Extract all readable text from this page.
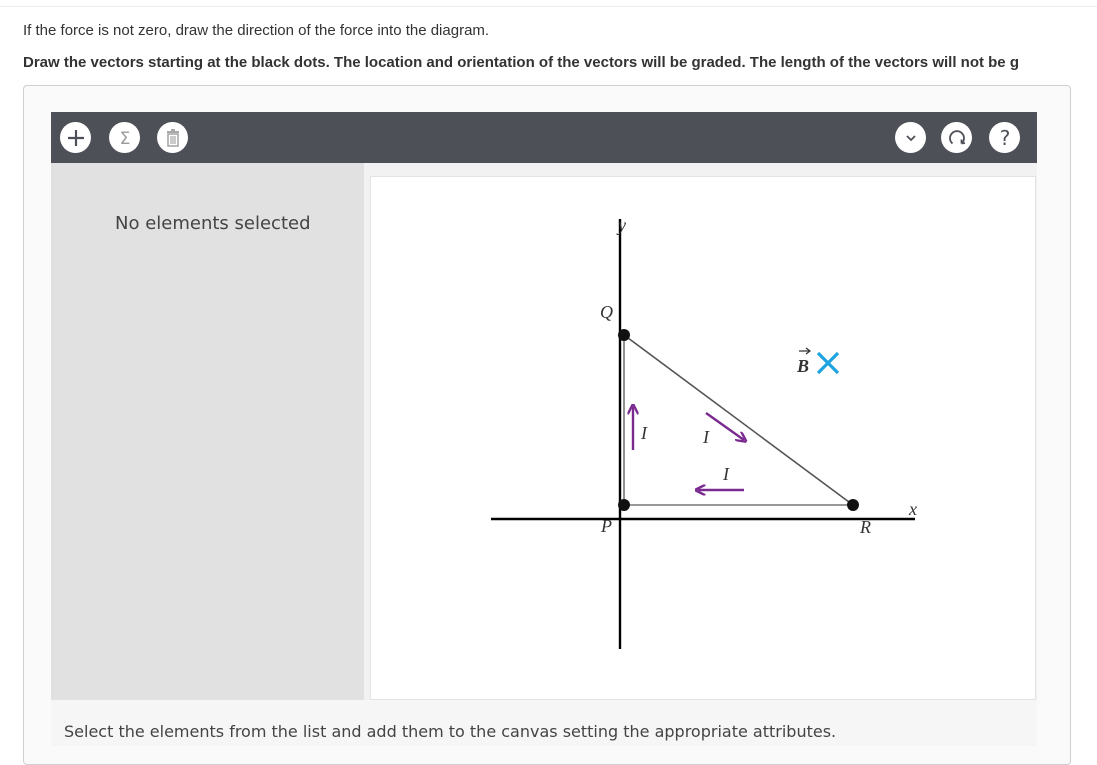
If the force is not zero, draw the direction of the force into the diagram.
Draw the vectors starting at the black dots. The location and orientation of the vectors will be graded. The length of the vectors will not be g
Σ	?
No elements selected	y
x
Q
P	R
B
I	I
I
Select the elements from the list and add them to the canvas setting the appropriate attributes.
